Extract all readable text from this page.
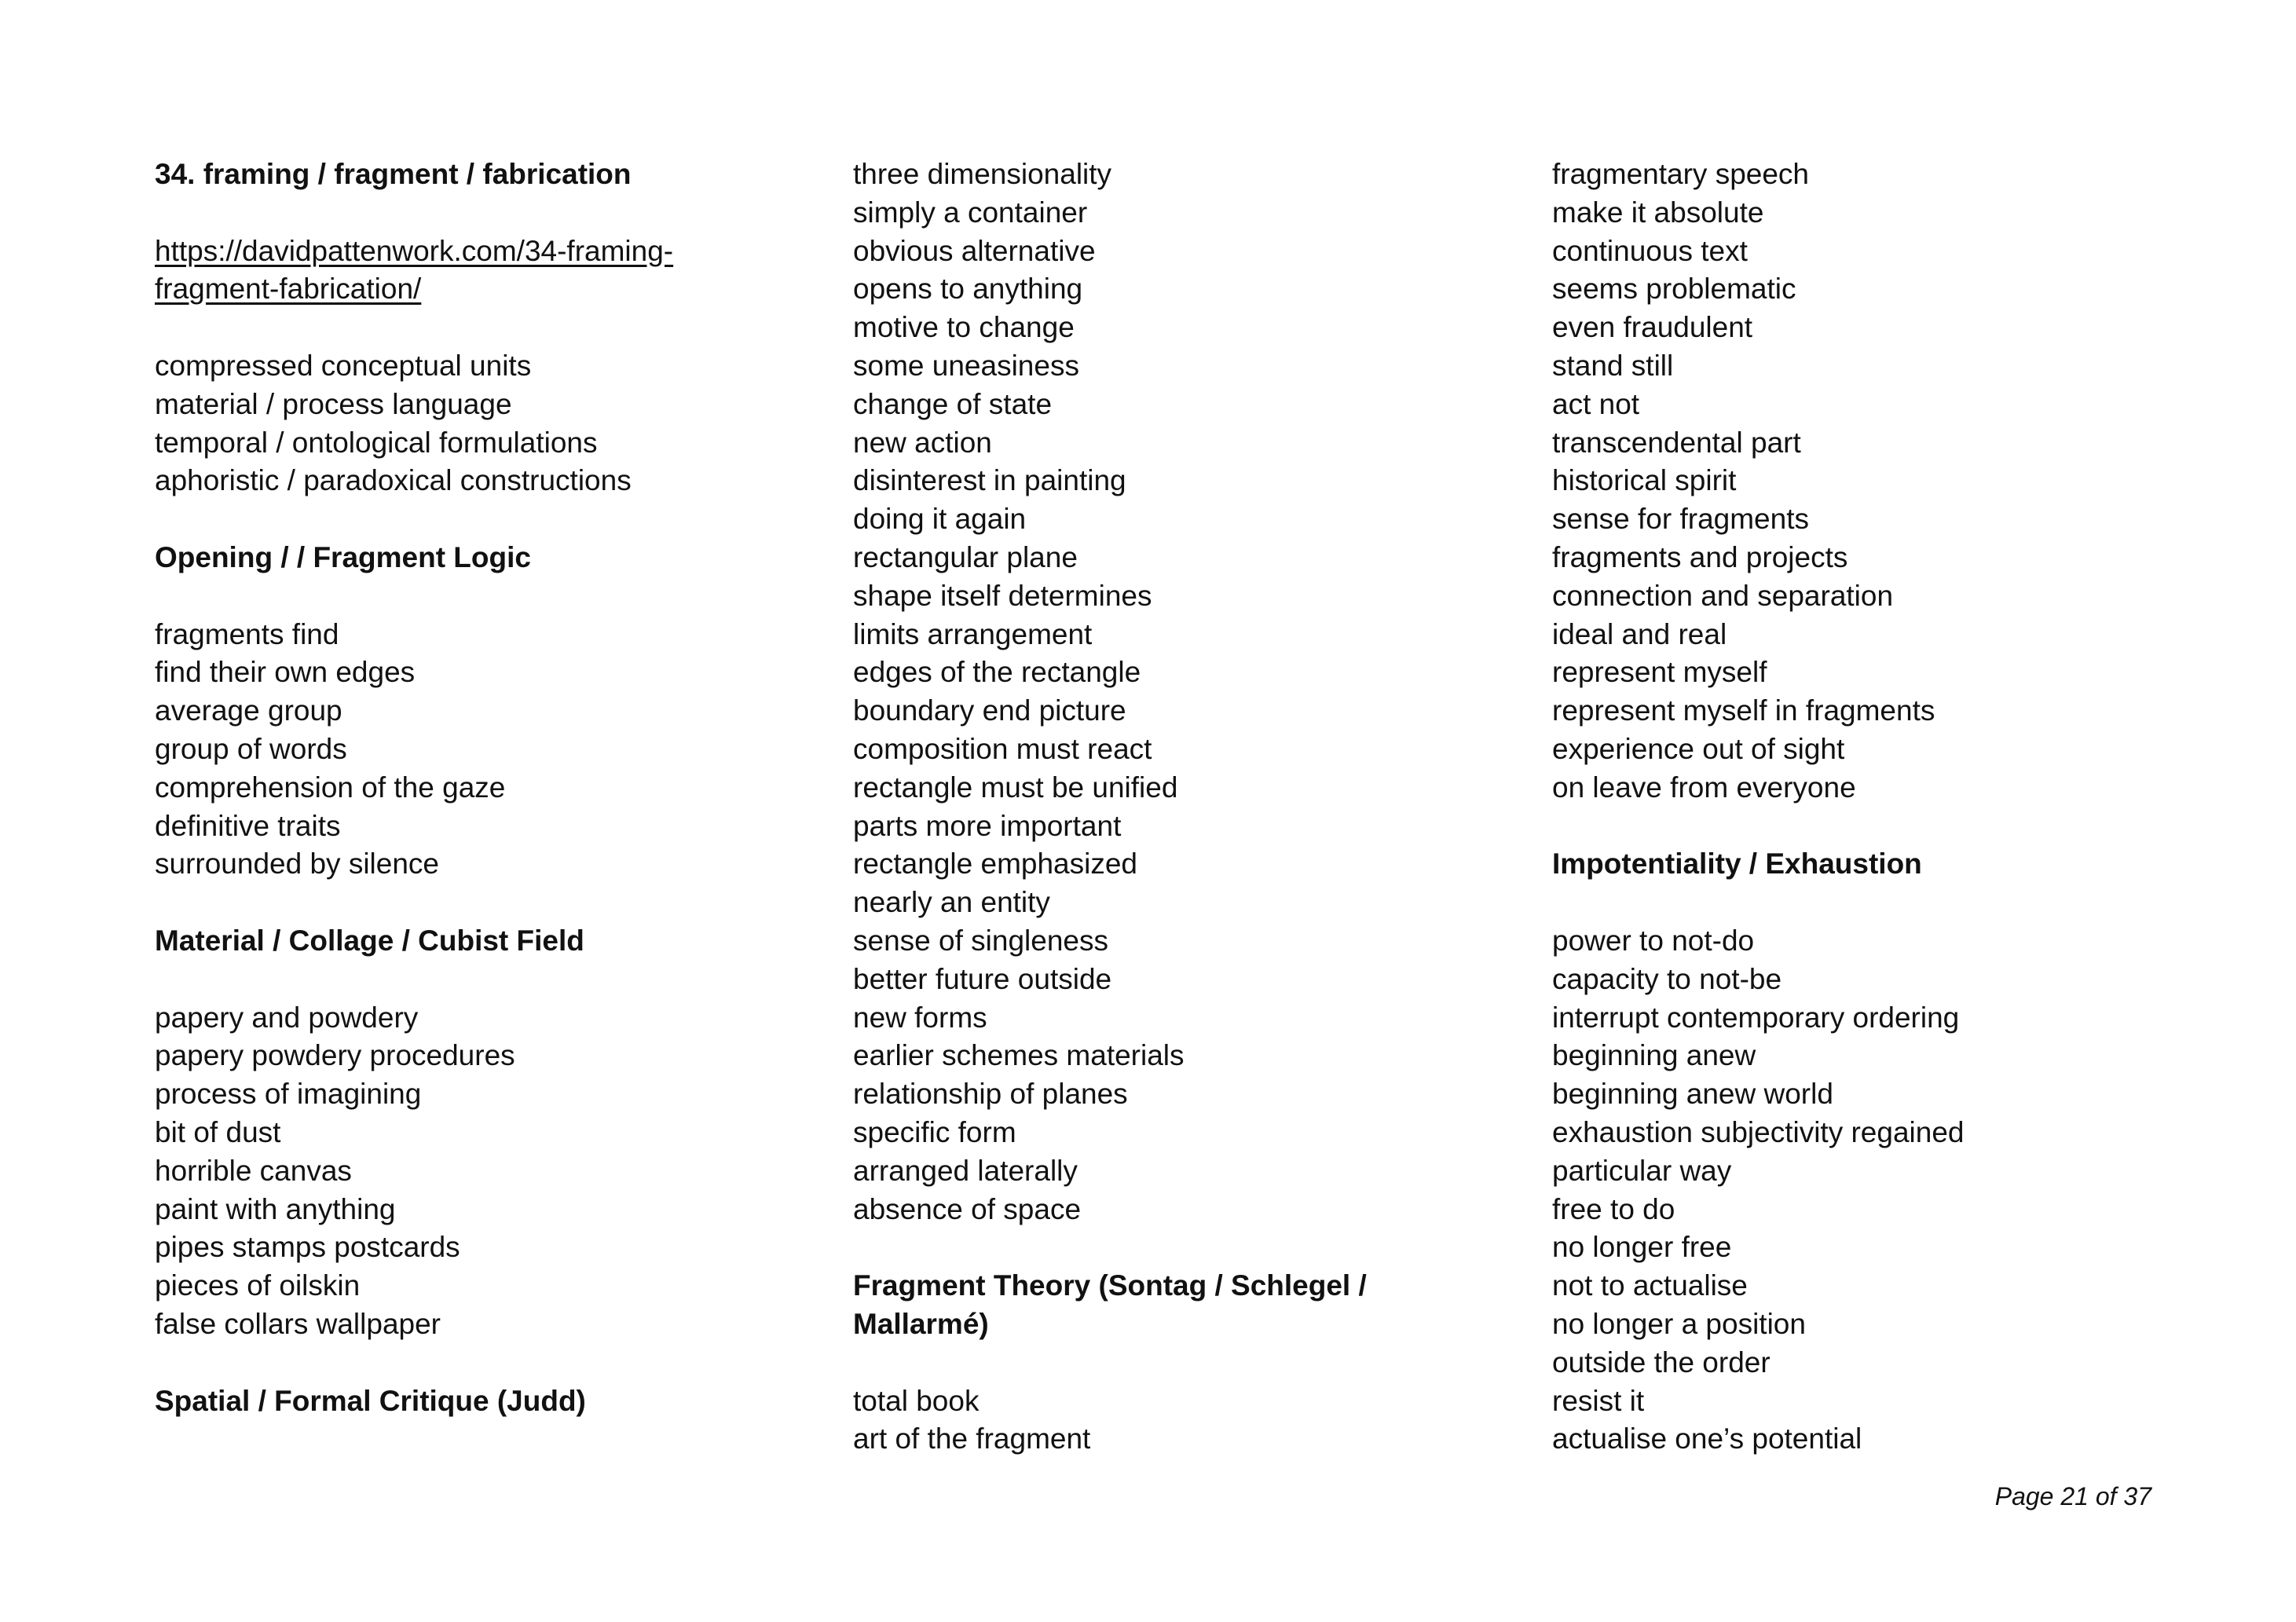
34. framing / fragment / fabrication
https://davidpattenwork.com/34-framing-
fragment-fabrication/
compressed conceptual units
material / process language
temporal / ontological formulations
aphoristic / paradoxical constructions
Opening / / Fragment Logic
fragments find
find their own edges
average group
group of words
comprehension of the gaze
definitive traits
surrounded by silence
Material / Collage / Cubist Field
papery and powdery
papery powdery procedures
process of imagining
bit of dust
horrible canvas
paint with anything
pipes stamps postcards
pieces of oilskin
false collars wallpaper
Spatial / Formal Critique (Judd)
three dimensionality
simply a container
obvious alternative
opens to anything
motive to change
some uneasiness
change of state
new action
disinterest in painting
doing it again
rectangular plane
shape itself determines
limits arrangement
edges of the rectangle
boundary end picture
composition must react
rectangle must be unified
parts more important
rectangle emphasized
nearly an entity
sense of singleness
better future outside
new forms
earlier schemes materials
relationship of planes
specific form
arranged laterally
absence of space
Fragment Theory (Sontag / Schlegel /
Mallarmé)
total book
art of the fragment
fragmentary speech
make it absolute
continuous text
seems problematic
even fraudulent
stand still
act not
transcendental part
historical spirit
sense for fragments
fragments and projects
connection and separation
ideal and real
represent myself
represent myself in fragments
experience out of sight
on leave from everyone
Impotentiality / Exhaustion
power to not-do
capacity to not-be
interrupt contemporary ordering
beginning anew
beginning anew world
exhaustion subjectivity regained
particular way
free to do
no longer free
not to actualise
no longer a position
outside the order
resist it
actualise one’s potential
Page 21 of 37
